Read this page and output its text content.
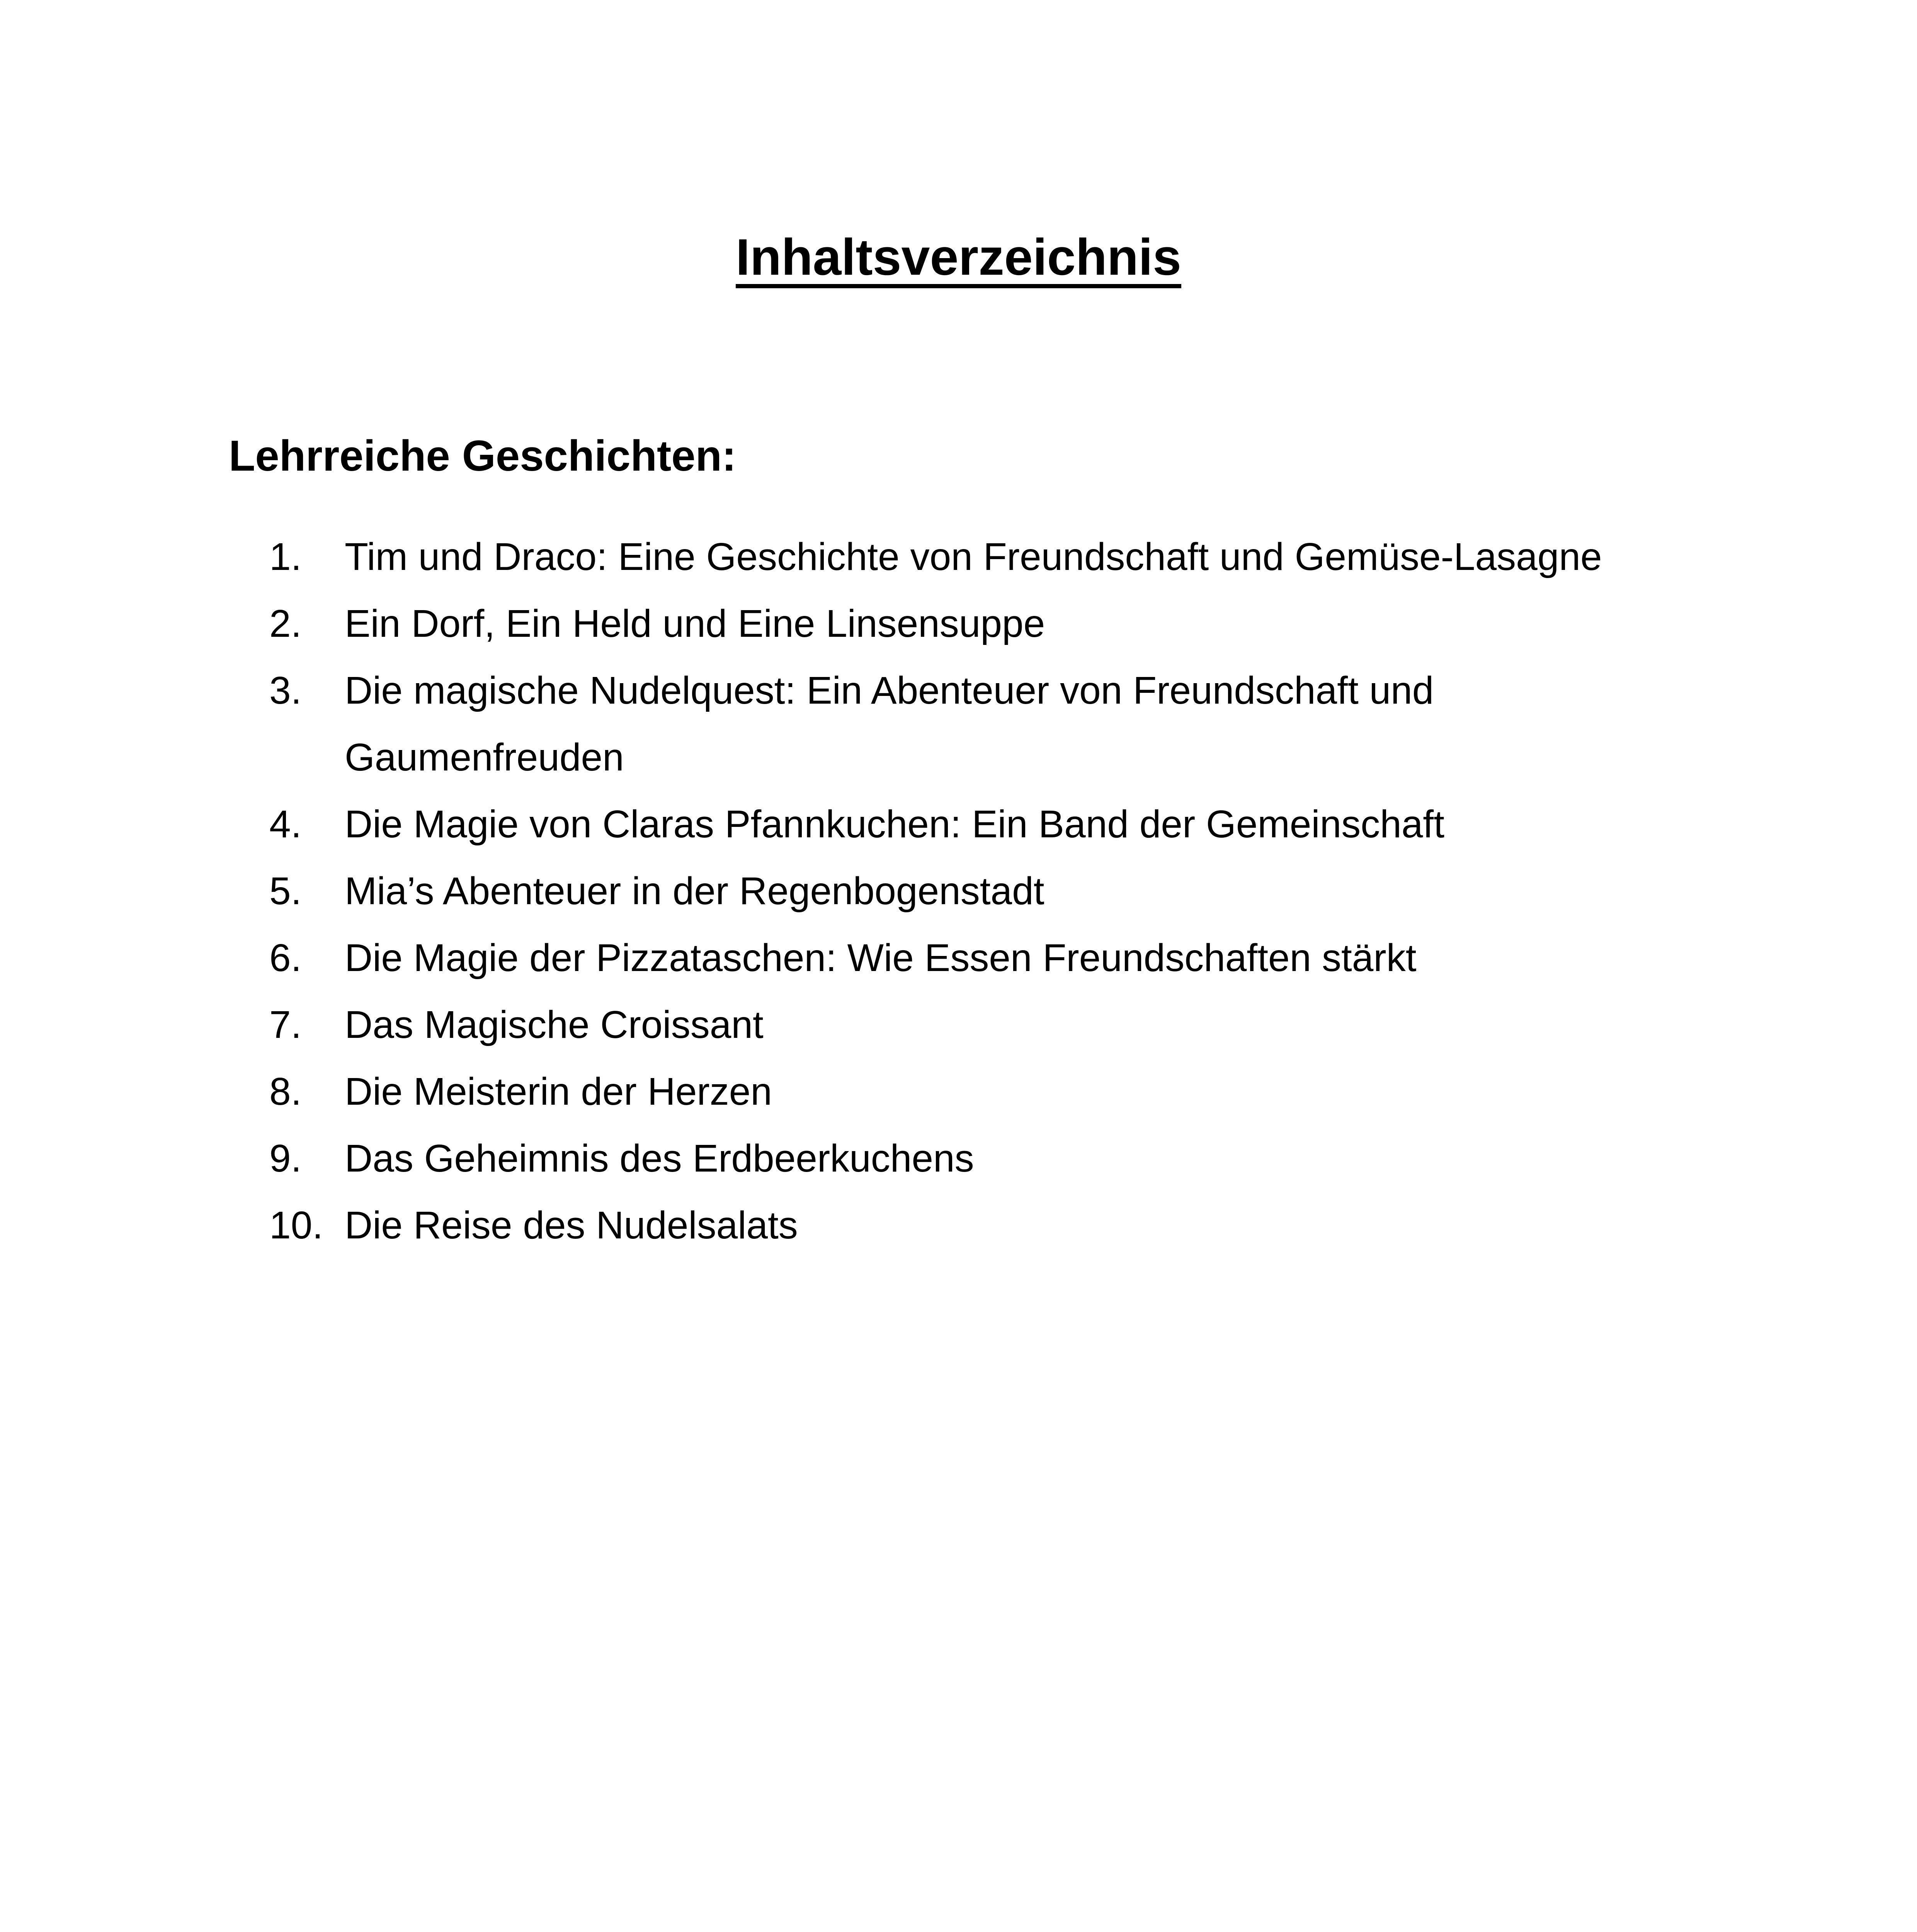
Inhaltsverzeichnis
Lehrreiche Geschichten:
1.	Tim und Draco: Eine Geschichte von Freundschaft und Gemüse-Lasagne
2.	Ein Dorf, Ein Held und Eine Linsensuppe
3.	Die magische Nudelquest: Ein Abenteuer von Freundschaft und Gaumenfreuden
4.	Die Magie von Claras Pfannkuchen: Ein Band der Gemeinschaft
5.	Mia’s Abenteuer in der Regenbogenstadt
6.	Die Magie der Pizzataschen: Wie Essen Freundschaften stärkt
7.	Das Magische Croissant
8.	Die Meisterin der Herzen
9.	Das Geheimnis des Erdbeerkuchens
10. Die Reise des Nudelsalats
